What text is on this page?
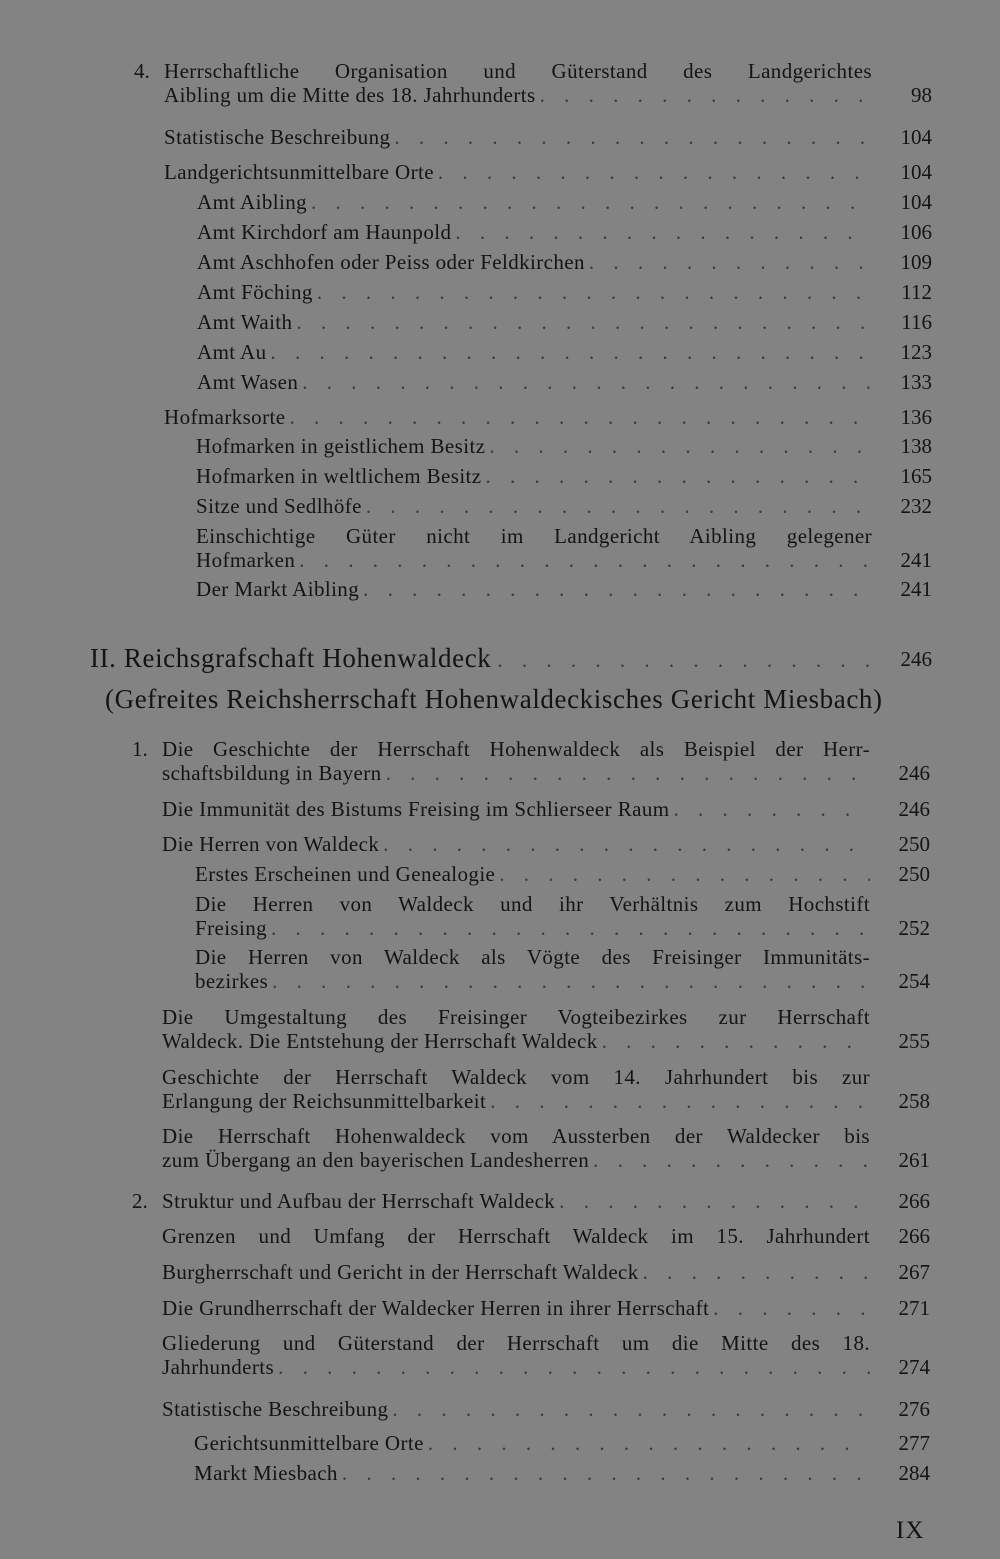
4. Herrschaftliche Organisation und Güterstand des Landgerichtes
Aibling um die Mitte des 18. Jahrhunderts . . .	98
Statistische Beschreibung . . .	104
Landgerichtsunmittelbare Orte . . .	104
Amt Aibling . . .	104
Amt Kirchdorf am Haunpold . . .	106
Amt Aschhofen oder Peiss oder Feldkirchen . . .	109
Amt Föching . . .	112
Amt Waith . . .	116
Amt Au . . .	123
Amt Wasen . . .	133
Hofmarksorte . . .	136
Hofmarken in geistlichem Besitz . . .	138
Hofmarken in weltlichem Besitz . . .	165
Sitze und Sedlhöfe . . .	232
Einschichtige Güter nicht im Landgericht Aibling gelegener
Hofmarken . . .	241
Der Markt Aibling . . .	241
II. Reichsgrafschaft Hohenwaldeck . . .	246
(Gefreites Reichsherrschaft Hohenwaldeckisches Gericht Miesbach)
1. Die Geschichte der Herrschaft Hohenwaldeck als Beispiel der Herr-
schaftsbildung in Bayern . . .	246
Die Immunität des Bistums Freising im Schlierseer Raum . . .	246
Die Herren von Waldeck . . .	250
Erstes Erscheinen und Genealogie . . .	250
Die Herren von Waldeck und ihr Verhältnis zum Hochstift
Freising . . .	252
Die Herren von Waldeck als Vögte des Freisinger Immunitäts-
bezirkes . . .	254
Die Umgestaltung des Freisinger Vogteibezirkes zur Herrschaft
Waldeck. Die Entstehung der Herrschaft Waldeck . . .	255
Geschichte der Herrschaft Waldeck vom 14. Jahrhundert bis zur
Erlangung der Reichsunmittelbarkeit . . .	258
Die Herrschaft Hohenwaldeck vom Aussterben der Waldecker bis
zum Übergang an den bayerischen Landesherren . . .	261
2. Struktur und Aufbau der Herrschaft Waldeck . . .	266
Grenzen und Umfang der Herrschaft Waldeck im 15. Jahrhundert	266
Burgherrschaft und Gericht in der Herrschaft Waldeck . . .	267
Die Grundherrschaft der Waldecker Herren in ihrer Herrschaft . . .	271
Gliederung und Güterstand der Herrschaft um die Mitte des 18.
Jahrhunderts . . .	274
Statistische Beschreibung . . .	276
Gerichtsunmittelbare Orte . . .	277
Markt Miesbach . . .	284
IX
